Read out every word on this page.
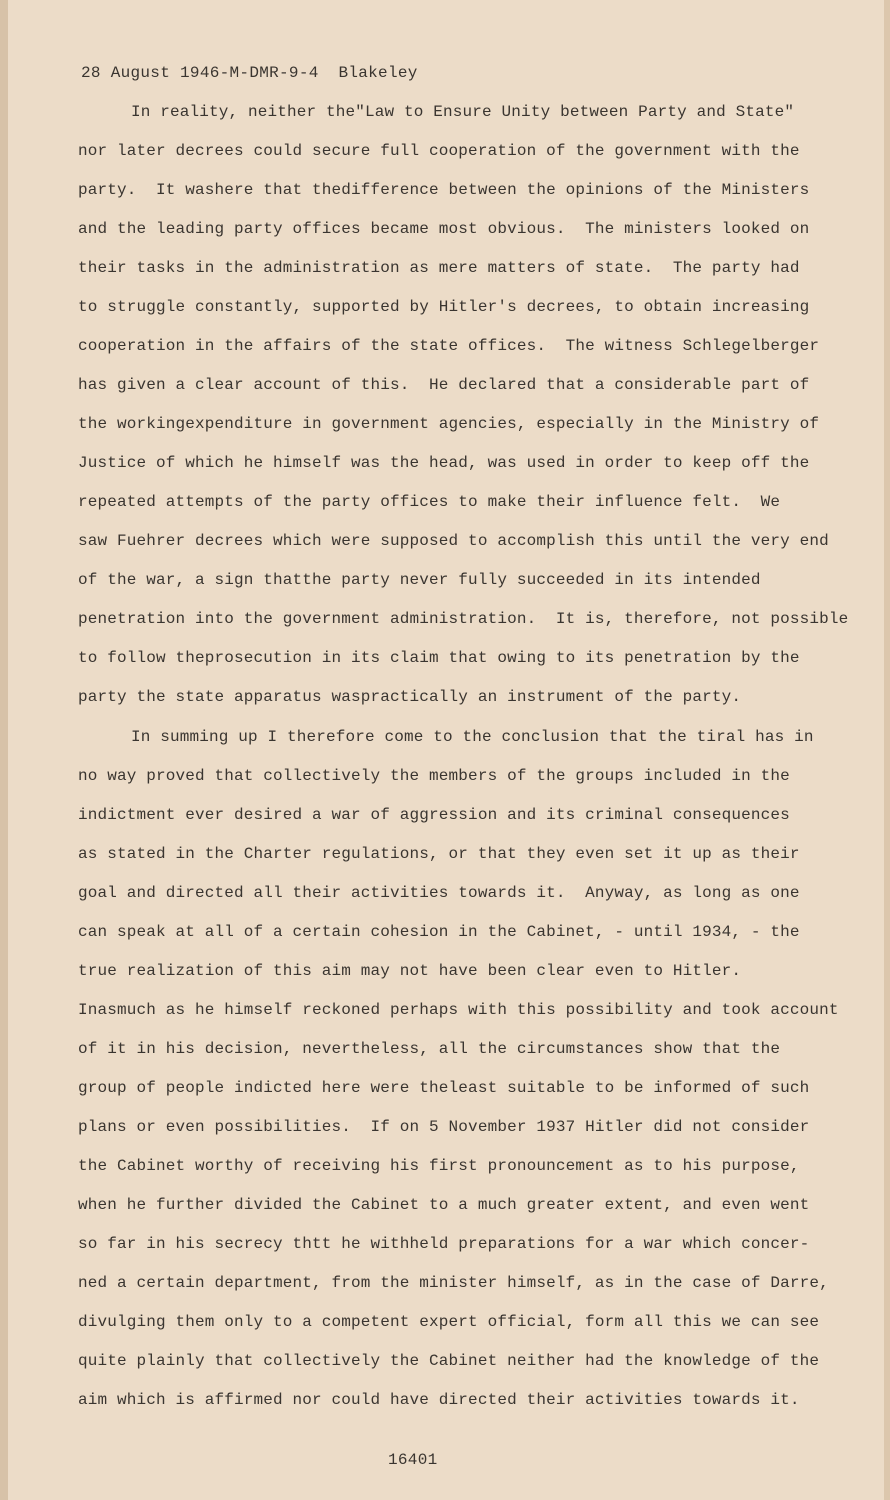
28 August 1946-M-DMR-9-4  Blakeley
In reality, neither the"Law to Ensure Unity between Party and State"
nor later decrees could secure full cooperation of the government with the
party.  It washere that thedifference between the opinions of the Ministers
and the leading party offices became most obvious.  The ministers looked on
their tasks in the administration as mere matters of state.  The party had
to struggle constantly, supported by Hitler's decrees, to obtain increasing
cooperation in the affairs of the state offices.  The witness Schlegelberger
has given a clear account of this.  He declared that a considerable part of
the workingexpenditure in government agencies, especially in the Ministry of
Justice of which he himself was the head, was used in order to keep off the
repeated attempts of the party offices to make their influence felt.  We
saw Fuehrer decrees which were supposed to accomplish this until the very end
of the war, a sign thatthe party never fully succeeded in its intended
penetration into the government administration.  It is, therefore, not possible
to follow theprosecution in its claim that owing to its penetration by the
party the state apparatus waspractically an instrument of the party.
In summing up I therefore come to the conclusion that the tiral has in
no way proved that collectively the members of the groups included in the
indictment ever desired a war of aggression and its criminal consequences
as stated in the Charter regulations, or that they even set it up as their
goal and directed all their activities towards it.  Anyway, as long as one
can speak at all of a certain cohesion in the Cabinet, - until 1934, - the
true realization of this aim may not have been clear even to Hitler.
Inasmuch as he himself reckoned perhaps with this possibility and took account
of it in his decision, nevertheless, all the circumstances show that the
group of people indicted here were theleast suitable to be informed of such
plans or even possibilities.  If on 5 November 1937 Hitler did not consider
the Cabinet worthy of receiving his first pronouncement as to his purpose,
when he further divided the Cabinet to a much greater extent, and even went
so far in his secrecy thtt he withheld preparations for a war which concer-
ned a certain department, from the minister himself, as in the case of Darre,
divulging them only to a competent expert official, form all this we can see
quite plainly that collectively the Cabinet neither had the knowledge of the
aim which is affirmed nor could have directed their activities towards it.
16401
